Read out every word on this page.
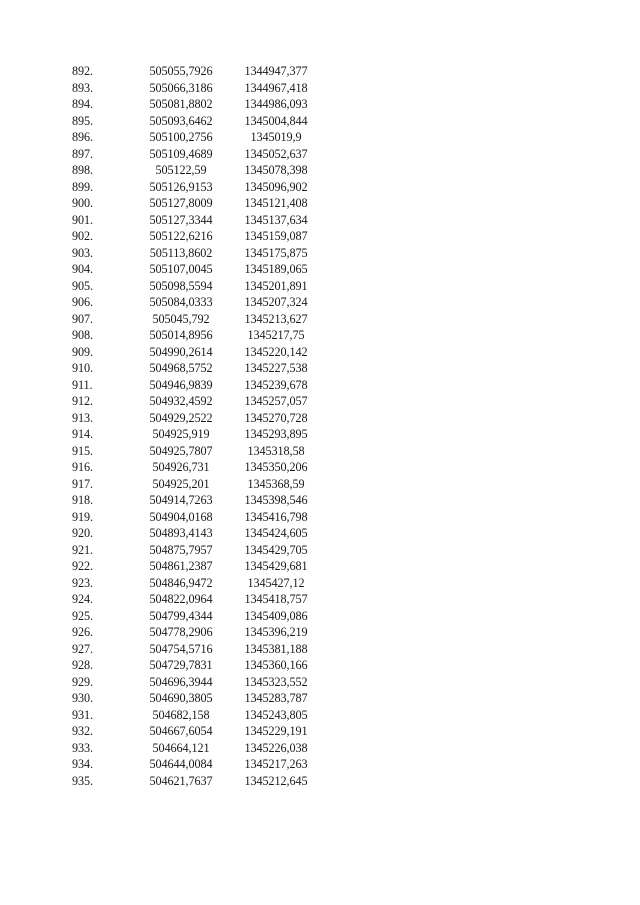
892.	505055,7926	1344947,377
893.	505066,3186	1344967,418
894.	505081,8802	1344986,093
895.	505093,6462	1345004,844
896.	505100,2756	1345019,9
897.	505109,4689	1345052,637
898.	505122,59	1345078,398
899.	505126,9153	1345096,902
900.	505127,8009	1345121,408
901.	505127,3344	1345137,634
902.	505122,6216	1345159,087
903.	505113,8602	1345175,875
904.	505107,0045	1345189,065
905.	505098,5594	1345201,891
906.	505084,0333	1345207,324
907.	505045,792	1345213,627
908.	505014,8956	1345217,75
909.	504990,2614	1345220,142
910.	504968,5752	1345227,538
911.	504946,9839	1345239,678
912.	504932,4592	1345257,057
913.	504929,2522	1345270,728
914.	504925,919	1345293,895
915.	504925,7807	1345318,58
916.	504926,731	1345350,206
917.	504925,201	1345368,59
918.	504914,7263	1345398,546
919.	504904,0168	1345416,798
920.	504893,4143	1345424,605
921.	504875,7957	1345429,705
922.	504861,2387	1345429,681
923.	504846,9472	1345427,12
924.	504822,0964	1345418,757
925.	504799,4344	1345409,086
926.	504778,2906	1345396,219
927.	504754,5716	1345381,188
928.	504729,7831	1345360,166
929.	504696,3944	1345323,552
930.	504690,3805	1345283,787
931.	504682,158	1345243,805
932.	504667,6054	1345229,191
933.	504664,121	1345226,038
934.	504644,0084	1345217,263
935.	504621,7637	1345212,645
